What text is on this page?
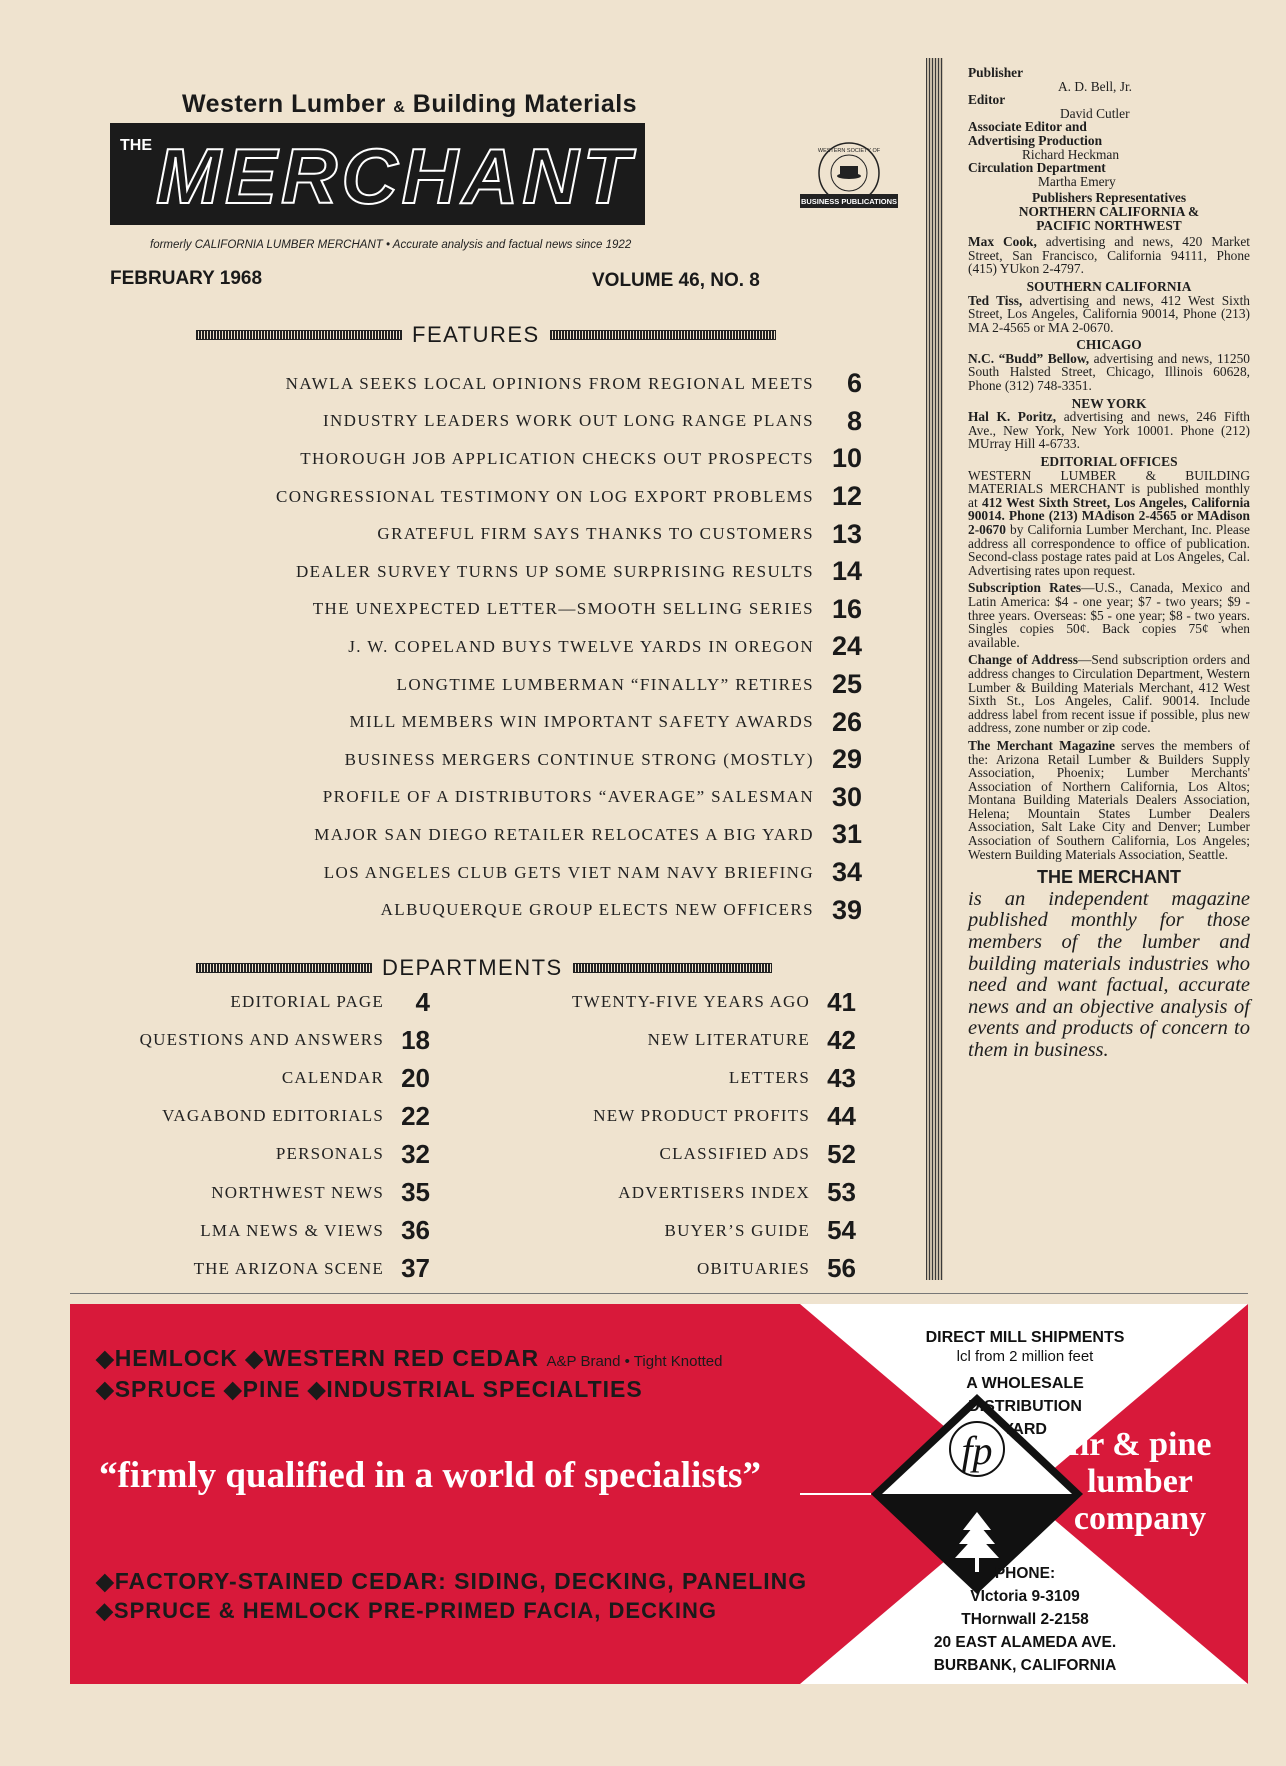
Western Lumber & Building Materials
THE MERCHANT	BUSINESS PUBLICATIONS
WESTERN SOCIETY OF
formerly CALIFORNIA LUMBER MERCHANT • Accurate analysis and factual news since 1922
FEBRUARY 1968	VOLUME 46, NO. 8
FEATURES
NAWLA SEEKS LOCAL OPINIONS FROM REGIONAL MEETS	6
INDUSTRY LEADERS WORK OUT LONG RANGE PLANS	8
THOROUGH JOB APPLICATION CHECKS OUT PROSPECTS 10
CONGRESSIONAL TESTIMONY ON LOG EXPORT PROBLEMS 12
GRATEFUL FIRM SAYS THANKS TO CUSTOMERS 13
DEALER SURVEY TURNS UP SOME SURPRISING RESULTS 14
THE UNEXPECTED LETTER—SMOOTH SELLING SERIES 16
J. W. COPELAND BUYS TWELVE YARDS IN OREGON 24
LONGTIME LUMBERMAN “FINALLY” RETIRES 25
MILL MEMBERS WIN IMPORTANT SAFETY AWARDS 26
BUSINESS MERGERS CONTINUE STRONG (MOSTLY) 29
PROFILE OF A DISTRIBUTORS “AVERAGE” SALESMAN 30
MAJOR SAN DIEGO RETAILER RELOCATES A BIG YARD 31
LOS ANGELES CLUB GETS VIET NAM NAVY BRIEFING 34
ALBUQUERQUE GROUP ELECTS NEW OFFICERS 39
DEPARTMENTS
EDITORIAL PAGE	4
QUESTIONS AND ANSWERS 18
CALENDAR 20
VAGABOND EDITORIALS 22
PERSONALS 32
NORTHWEST NEWS 35
LMA NEWS & VIEWS 36
THE ARIZONA SCENE 37
TWENTY-FIVE YEARS AGO 41
NEW LITERATURE 42
LETTERS 43
NEW PRODUCT PROFITS 44
CLASSIFIED ADS 52
ADVERTISERS INDEX 53
BUYER’S GUIDE 54
OBITUARIES 56
Publisher
A. D. Bell, Jr.
Editor
David Cutler
Associate Editor and
Advertising Production
Richard Heckman
Circulation Department
Martha Emery
Publishers Representatives
NORTHERN CALIFORNIA &
PACIFIC NORTHWEST

Max Cook, advertising and news, 420 Market Street, San Francisco, California 94111, Phone (415) YUkon 2-4797.

SOUTHERN CALIFORNIA

Ted Tiss, advertising and news, 412 West Sixth Street, Los Angeles, California 90014, Phone (213) MA 2-4565 or MA 2-0670.

CHICAGO

N.C. “Budd” Bellow, advertising and news, 11250 South Halsted Street, Chicago, Illinois 60628, Phone (312) 748-3351.

NEW YORK

Hal K. Poritz, advertising and news, 246 Fifth Ave., New York, New York 10001. Phone (212) MUrray Hill 4-6733.

EDITORIAL OFFICES

WESTERN LUMBER & BUILDING MATERIALS MERCHANT is published monthly at 412 West Sixth Street, Los Angeles, California 90014. Phone (213) MAdison 2-4565 or MAdison 2-0670 by California Lumber Merchant, Inc. Please address all correspondence to office of publication. Second-class postage rates paid at Los Angeles, Cal. Advertising rates upon request.

Subscription Rates—U.S., Canada, Mexico and Latin America: $4 - one year; $7 - two years; $9 - three years. Overseas: $5 - one year; $8 - two years. Singles copies 50¢. Back copies 75¢ when available.

Change of Address—Send subscription orders and address changes to Circulation Department, Western Lumber & Building Materials Merchant, 412 West Sixth St., Los Angeles, Calif. 90014. Include address label from recent issue if possible, plus new address, zone number or zip code.

The Merchant Magazine serves the members of the: Arizona Retail Lumber & Builders Supply Association, Phoenix; Lumber Merchants' Association of Northern California, Los Altos; Montana Building Materials Dealers Association, Helena; Mountain States Lumber Dealers Association, Salt Lake City and Denver; Lumber Association of Southern California, Los Angeles; Western Building Materials Association, Seattle.

THE MERCHANT
is an independent magazine published monthly for those members of the lumber and building materials industries who need and want factual, accurate news and an objective analysis of events and products of concern to them in business.
fp
◆HEMLOCK ◆WESTERN RED CEDAR A&P Brand • Tight Knotted
◆SPRUCE ◆PINE ◆INDUSTRIAL SPECIALTIES
“firmly qualified in a world of specialists”
◆FACTORY-STAINED CEDAR: SIDING, DECKING, PANELING
◆SPRUCE & HEMLOCK PRE-PRIMED FACIA, DECKING
DIRECT MILL SHIPMENTS
lcl from 2 million feet
A WHOLESALE
DISTRIBUTION
YARD fir & pine
lumber
company
PHONE:
VIctoria 9-3109
THornwall 2-2158
20 EAST ALAMEDA AVE.
BURBANK, CALIFORNIA
